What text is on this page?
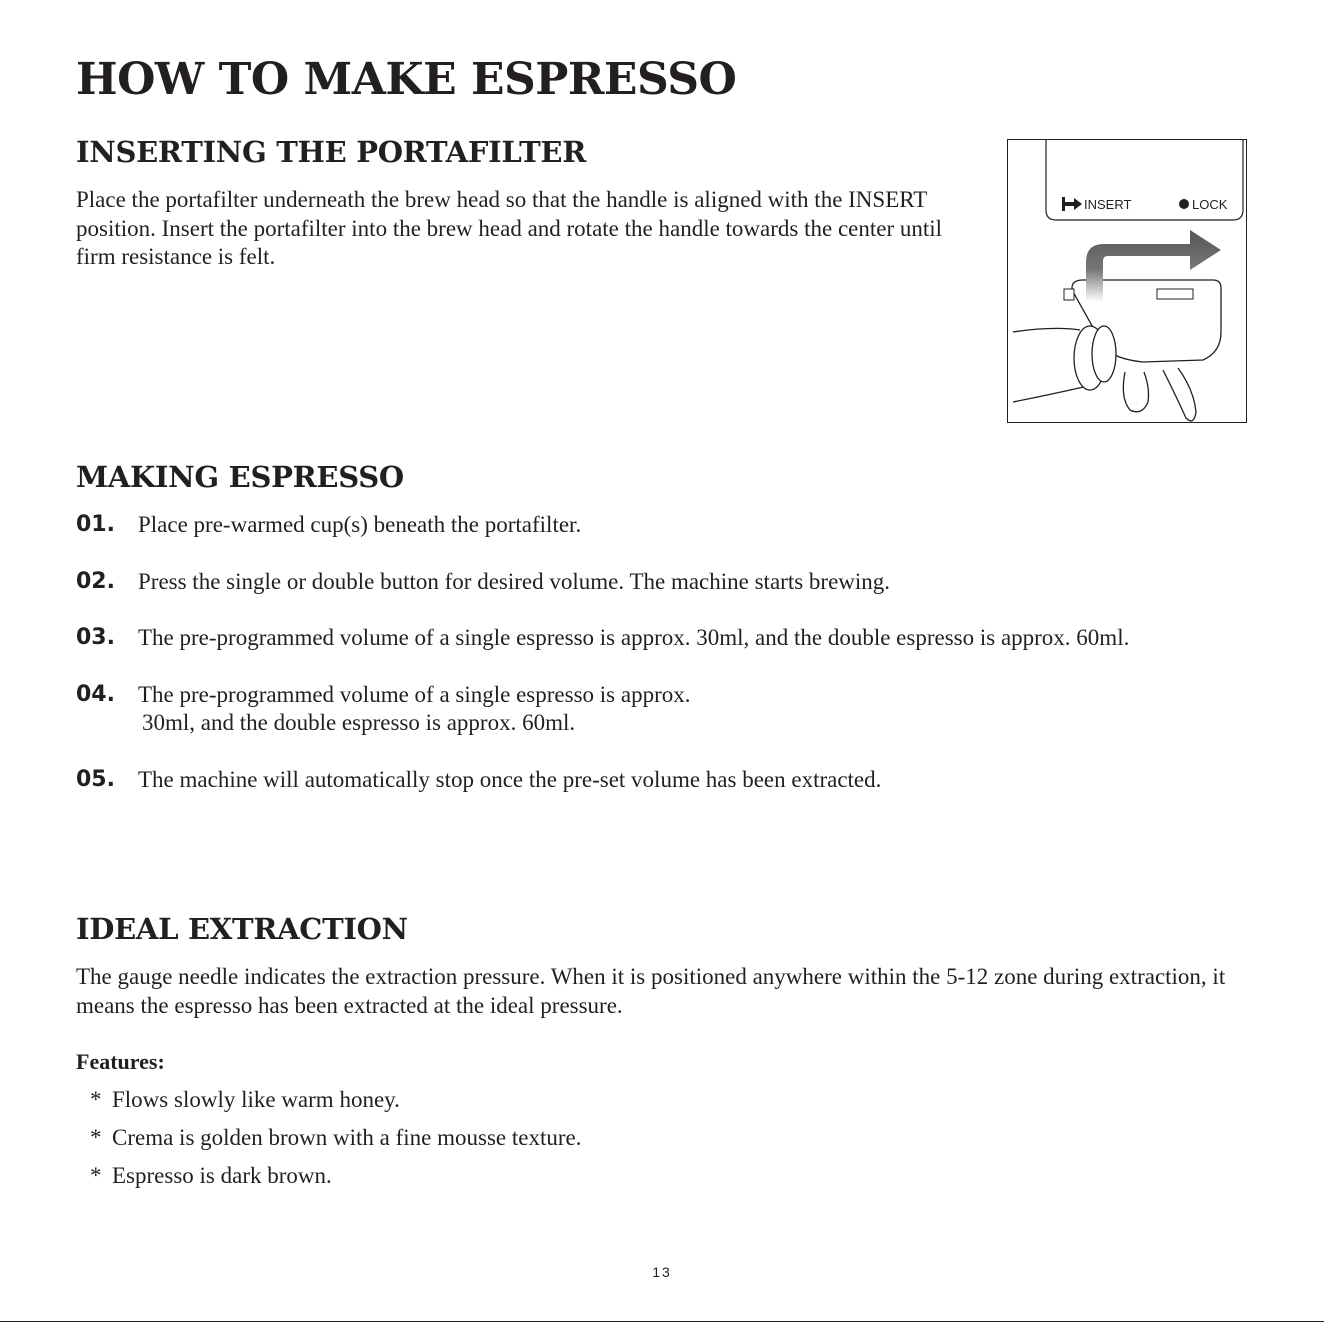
HOW TO MAKE ESPRESSO
INSERTING THE PORTAFILTER

Place the portafilter underneath the brew head so that the handle is aligned with the INSERT position. Insert the portafilter into the brew head and rotate the handle towards the center until firm resistance is felt.

INSERT	LOCK
MAKING ESPRESSO
01.	Place pre-warmed cup(s) beneath the portafilter.
02.	Press the single or double button for desired volume. The machine starts brewing.
03.	The pre-programmed volume of a single espresso is approx. 30ml, and the double espresso is approx. 60ml.
04.	The pre-programmed volume of a single espresso is approx.
30ml, and the double espresso is approx. 60ml.
05.	The machine will automatically stop once the pre-set volume has been extracted.
IDEAL EXTRACTION

The gauge needle indicates the extraction pressure. When it is positioned anywhere within the 5-12 zone during extraction, it means the espresso has been extracted at the ideal pressure.

Features:

* Flows slowly like warm honey.
* Crema is golden brown with a fine mousse texture.
* Espresso is dark brown.
13
